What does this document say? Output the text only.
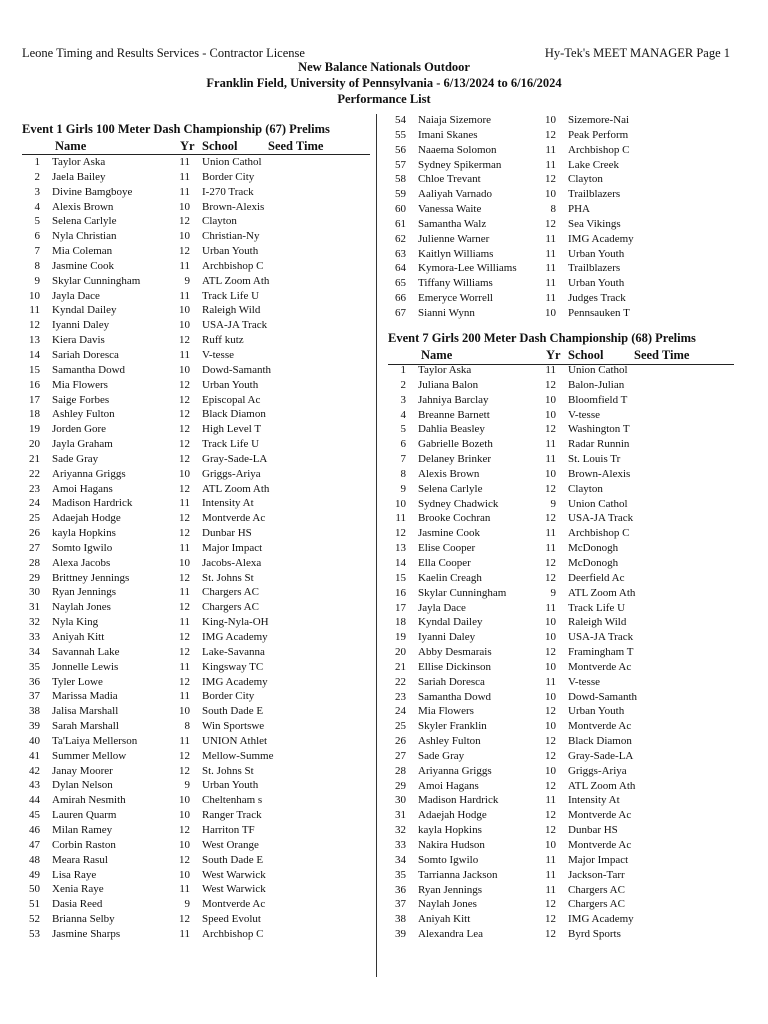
Leone Timing and Results Services - Contractor License	Hy-Tek's MEET MANAGER Page 1
New Balance Nationals Outdoor
Franklin Field, University of Pennsylvania - 6/13/2024 to 6/16/2024
Performance List
Event 1 Girls 100 Meter Dash Championship (67) Prelims
Name	Yr School Seed Time
1 Taylor Aska	11 Union Cathol
2 Jaela Bailey	11 Border City
3 Divine Bamgboye	11 I-270 Track
4 Alexis Brown	10 Brown-Alexis
5 Selena Carlyle	12 Clayton
6 Nyla Christian	10 Christian-Ny
7 Mia Coleman	12 Urban Youth
8 Jasmine Cook	11 Archbishop C
9 Skylar Cunningham	9 ATL Zoom Ath
10 Jayla Dace	11 Track Life U
11 Kyndal Dailey	10 Raleigh Wild
12 Iyanni Daley	10 USA-JA Track
13 Kiera Davis	12 Ruff kutz
14 Sariah Doresca	11 V-tesse
15 Samantha Dowd	10 Dowd-Samanth
16 Mia Flowers	12 Urban Youth
17 Saige Forbes	12 Episcopal Ac
18 Ashley Fulton	12 Black Diamon
19 Jorden Gore	12 High Level T
20 Jayla Graham	12 Track Life U
21 Sade Gray	12 Gray-Sade-LA
22 Ariyanna Griggs	10 Griggs-Ariya
23 Amoi Hagans	12 ATL Zoom Ath
24 Madison Hardrick	11 Intensity At
25 Adaejah Hodge	12 Montverde Ac
26 kayla Hopkins	12 Dunbar HS
27 Somto Igwilo	11 Major Impact
28 Alexa Jacobs	10 Jacobs-Alexa
29 Brittney Jennings	12 St. Johns St
30 Ryan Jennings	11 Chargers AC
31 Naylah Jones	12 Chargers AC
32 Nyla King	11 King-Nyla-OH
33 Aniyah Kitt	12 IMG Academy
34 Savannah Lake	12 Lake-Savanna
35 Jonnelle Lewis	11 Kingsway TC
36 Tyler Lowe	12 IMG Academy
37 Marissa Madia	11 Border City
38 Jalisa Marshall	10 South Dade E
39 Sarah Marshall	8 Win Sportswe
40 Ta'Laiya Mellerson	11 UNION Athlet
41 Summer Mellow	12 Mellow-Summe
42 Janay Moorer	12 St. Johns St
43 Dylan Nelson	9 Urban Youth
44 Amirah Nesmith	10 Cheltenham s
45 Lauren Quarm	10 Ranger Track
46 Milan Ramey	12 Harriton TF
47 Corbin Raston	10 West Orange
48 Meara Rasul	12 South Dade E
49 Lisa Raye	10 West Warwick
50 Xenia Raye	11 West Warwick
51 Dasia Reed	9 Montverde Ac
52 Brianna Selby	12 Speed Evolut
53 Jasmine Sharps	11 Archbishop C
54 Naiaja Sizemore	10 Sizemore-Nai
55 Imani Skanes	12 Peak Perform
56 Naaema Solomon	11 Archbishop C
57 Sydney Spikerman	11 Lake Creek
58 Chloe Trevant	12 Clayton
59 Aaliyah Varnado	10 Trailblazers
60 Vanessa Waite	8 PHA
61 Samantha Walz	12 Sea Vikings
62 Julienne Warner	11 IMG Academy
63 Kaitlyn Williams	11 Urban Youth
64 Kymora-Lee Williams	11 Trailblazers
65 Tiffany Williams	11 Urban Youth
66 Emeryce Worrell	11 Judges Track
67 Sianni Wynn	10 Pennsauken T
Event 7 Girls 200 Meter Dash Championship (68) Prelims
Name	Yr School Seed Time
1 Taylor Aska	11 Union Cathol
2 Juliana Balon	12 Balon-Julian
3 Jahniya Barclay	10 Bloomfield T
4 Breanne Barnett	10 V-tesse
5 Dahlia Beasley	12 Washington T
6 Gabrielle Bozeth	11 Radar Runnin
7 Delaney Brinker	11 St. Louis Tr
8 Alexis Brown	10 Brown-Alexis
9 Selena Carlyle	12 Clayton
10 Sydney Chadwick	9 Union Cathol
11 Brooke Cochran	12 USA-JA Track
12 Jasmine Cook	11 Archbishop C
13 Elise Cooper	11 McDonogh
14 Ella Cooper	12 McDonogh
15 Kaelin Creagh	12 Deerfield Ac
16 Skylar Cunningham	9 ATL Zoom Ath
17 Jayla Dace	11 Track Life U
18 Kyndal Dailey	10 Raleigh Wild
19 Iyanni Daley	10 USA-JA Track
20 Abby Desmarais	12 Framingham T
21 Ellise Dickinson	10 Montverde Ac
22 Sariah Doresca	11 V-tesse
23 Samantha Dowd	10 Dowd-Samanth
24 Mia Flowers	12 Urban Youth
25 Skyler Franklin	10 Montverde Ac
26 Ashley Fulton	12 Black Diamon
27 Sade Gray	12 Gray-Sade-LA
28 Ariyanna Griggs	10 Griggs-Ariya
29 Amoi Hagans	12 ATL Zoom Ath
30 Madison Hardrick	11 Intensity At
31 Adaejah Hodge	12 Montverde Ac
32 kayla Hopkins	12 Dunbar HS
33 Nakira Hudson	10 Montverde Ac
34 Somto Igwilo	11 Major Impact
35 Tarrianna Jackson	11 Jackson-Tarr
36 Ryan Jennings	11 Chargers AC
37 Naylah Jones	12 Chargers AC
38 Aniyah Kitt	12 IMG Academy
39 Alexandra Lea	12 Byrd Sports
